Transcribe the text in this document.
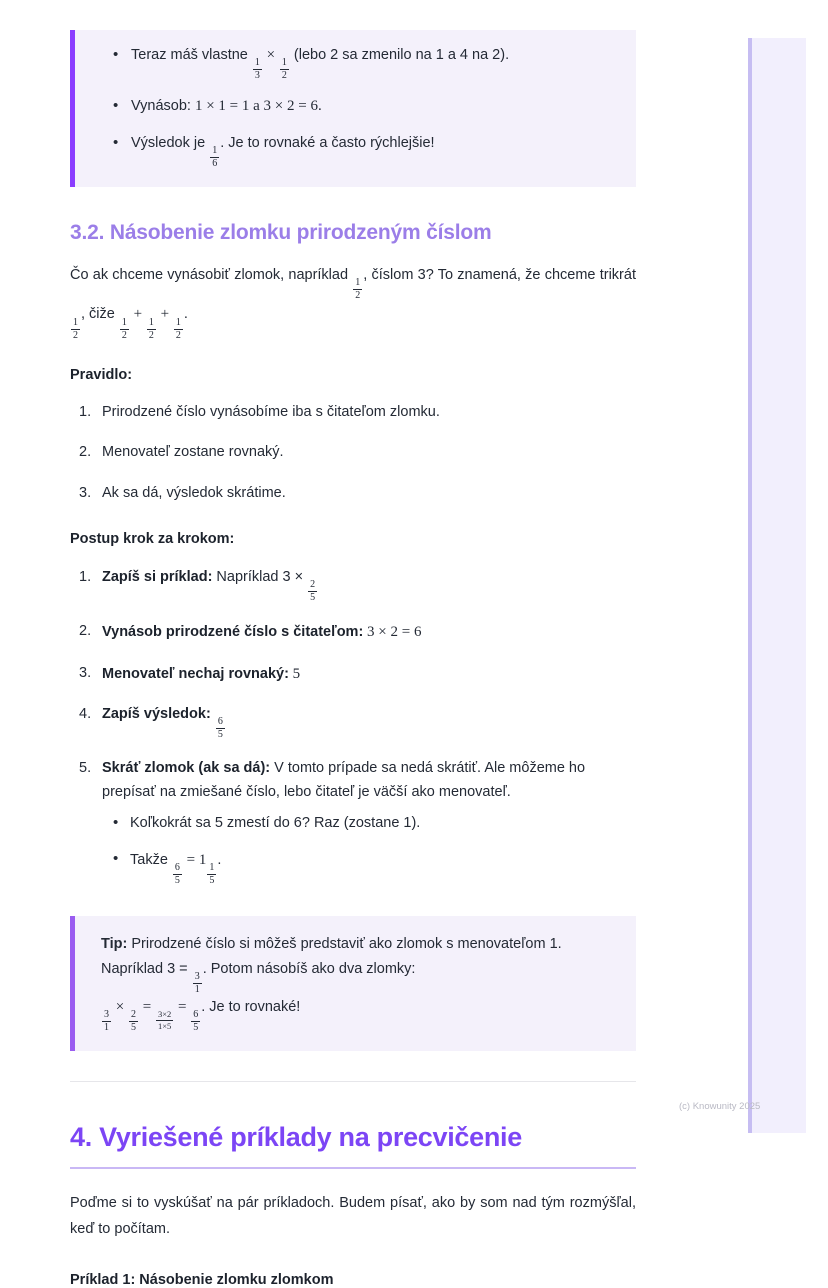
• Teraz máš vlastne
$\frac{1}{3}$
×
$\frac{1}{2}$
(lebo 2 sa zmenilo na 1 a 4 na 2).
• Vynásob: 1 × 1 = 1 a 3 × 2 = 6.
• Výsledok je
$\frac{1}{6}$
. Je to rovnaké a často rýchlejšie!
3.2. Násobenie zlomku prirodzeným číslom

Čo ak chceme vynásobiť zlomok, napríklad
$\frac{1}{2}$
, číslom 3? To znamená, že chceme trikrát
$\frac{1}{2}$
, čiže
$\frac{1}{2}$
+
$\frac{1}{2}$
+
$\frac{1}{2}$
.

Pravidlo:
Prirodzené číslo vynásobíme iba s čitateľom zlomku.
Menovateľ zostane rovnaký.
Ak sa dá, výsledok skrátime.
Postup krok za krokom:
Zapíš si príklad: Napríklad 3 ×
$\frac{2}{5}$
Vynásob prirodzené číslo s čitateľom: 3 × 2 = 6
Menovateľ nechaj rovnaký: 5
Zapíš výsledok:
$\frac{6}{5}$
Skráť zlomok (ak sa dá): V tomto prípade sa nedá skrátiť. Ale môžeme ho prepísať na zmiešané číslo, lebo čitateľ je väčší ako menovateľ.
• Koľkokrát sa 5 zmestí do 6? Raz (zostane 1).
• Takže
$\frac{6}{5}$
= 1
$\frac{1}{5}$
.
Tip: Prirodzené číslo si môžeš predstaviť ako zlomok s menovateľom 1.
Napríklad 3 =
$\frac{3}{1}$
. Potom násobíš ako dva zlomky:
$\frac{3}{1}$
×
$\frac{2}{5}$
=
$\frac{3\times 2}{1\times 5}$
=
$\frac{6}{5}$
. Je to rovnaké!
4. Vyriešené príklady na precvičenie

Poďme si to vyskúšať na pár príkladoch. Budem písať, ako by som nad tým rozmýšľal, keď to počítam.

Príklad 1: Násobenie zlomku zlomkom
(c) Knowunity 2025
